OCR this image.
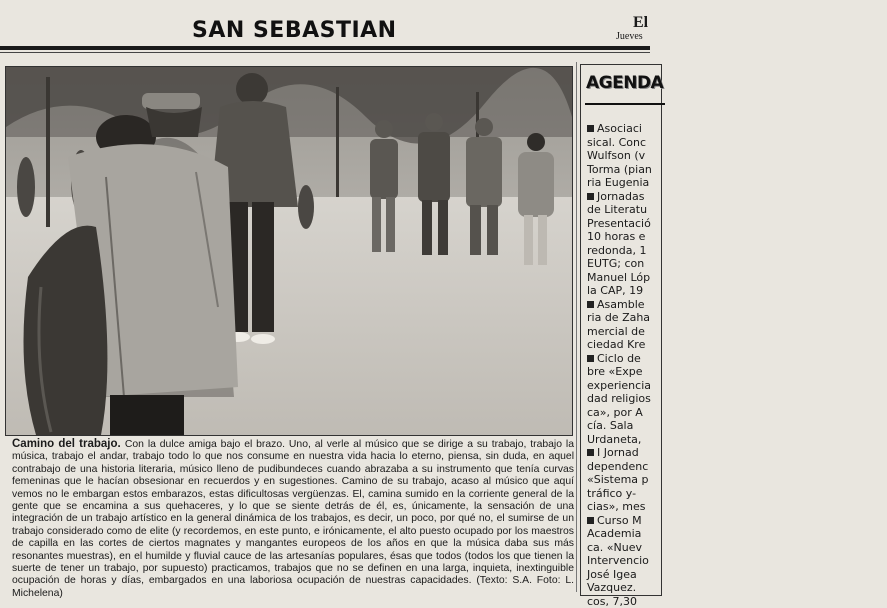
SAN SEBASTIAN	El
Jueves
Camino del trabajo. Con la dulce amiga bajo el brazo. Uno, al verle al músico que se dirige a su trabajo, trabajo la música, trabajo el andar, trabajo todo lo que nos consume en nuestra vida hacia lo eterno, piensa, sin duda, en aquel contrabajo de una historia literaria, músico lleno de pudibundeces cuando abrazaba a su instrumento que tenía curvas femeninas que le hacían obsesionar en recuerdos y en sugestiones. Camino de su trabajo, acaso al músico que aquí vemos no le embargan estos embarazos, estas dificultosas vergüenzas. El, camina sumido en la corriente general de la gente que se encamina a sus quehaceres, y lo que se siente detrás de él, es, únicamente, la sensación de una integración de un trabajo artístico en la general dinámica de los trabajos, es decir, un poco, por qué no, el sumirse de un trabajo considerado como de elite (y recordemos, en este punto, e irónicamente, el alto puesto ocupado por los maestros de capilla en las cortes de ciertos magnates y mangantes europeos de los años en que la música daba sus más resonantes muestras), en el humilde y fluvial cauce de las artesanías populares, ésas que todos (todos los que tienen la suerte de tener un trabajo, por supuesto) practicamos, trabajos que no se definen en una larga, inquieta, inextinguible ocupación de horas y días, embargados en una laboriosa ocupación de nuestras capacidades. (Texto: S.A. Foto: L. Michelena)
AGENDA
Asociaci
sical. Conc
Wulfson (v
Torma (pian
ria Eugenia
Jornadas
de Literatu
Presentació
10 horas e
redonda, 1
EUTG; con
Manuel Lóp
la CAP, 19
Asamble
ria de Zaha
mercial de
ciedad Kre
Ciclo de
bre «Expe
experiencia
dad religios
ca», por A
cía. Sala
Urdaneta,
I Jornad
dependenc
«Sistema p
tráfico y-
cias», mes
Curso M
Academia
ca. «Nuev
Intervencio
José Igea
Vazquez.
cos, 7,30
